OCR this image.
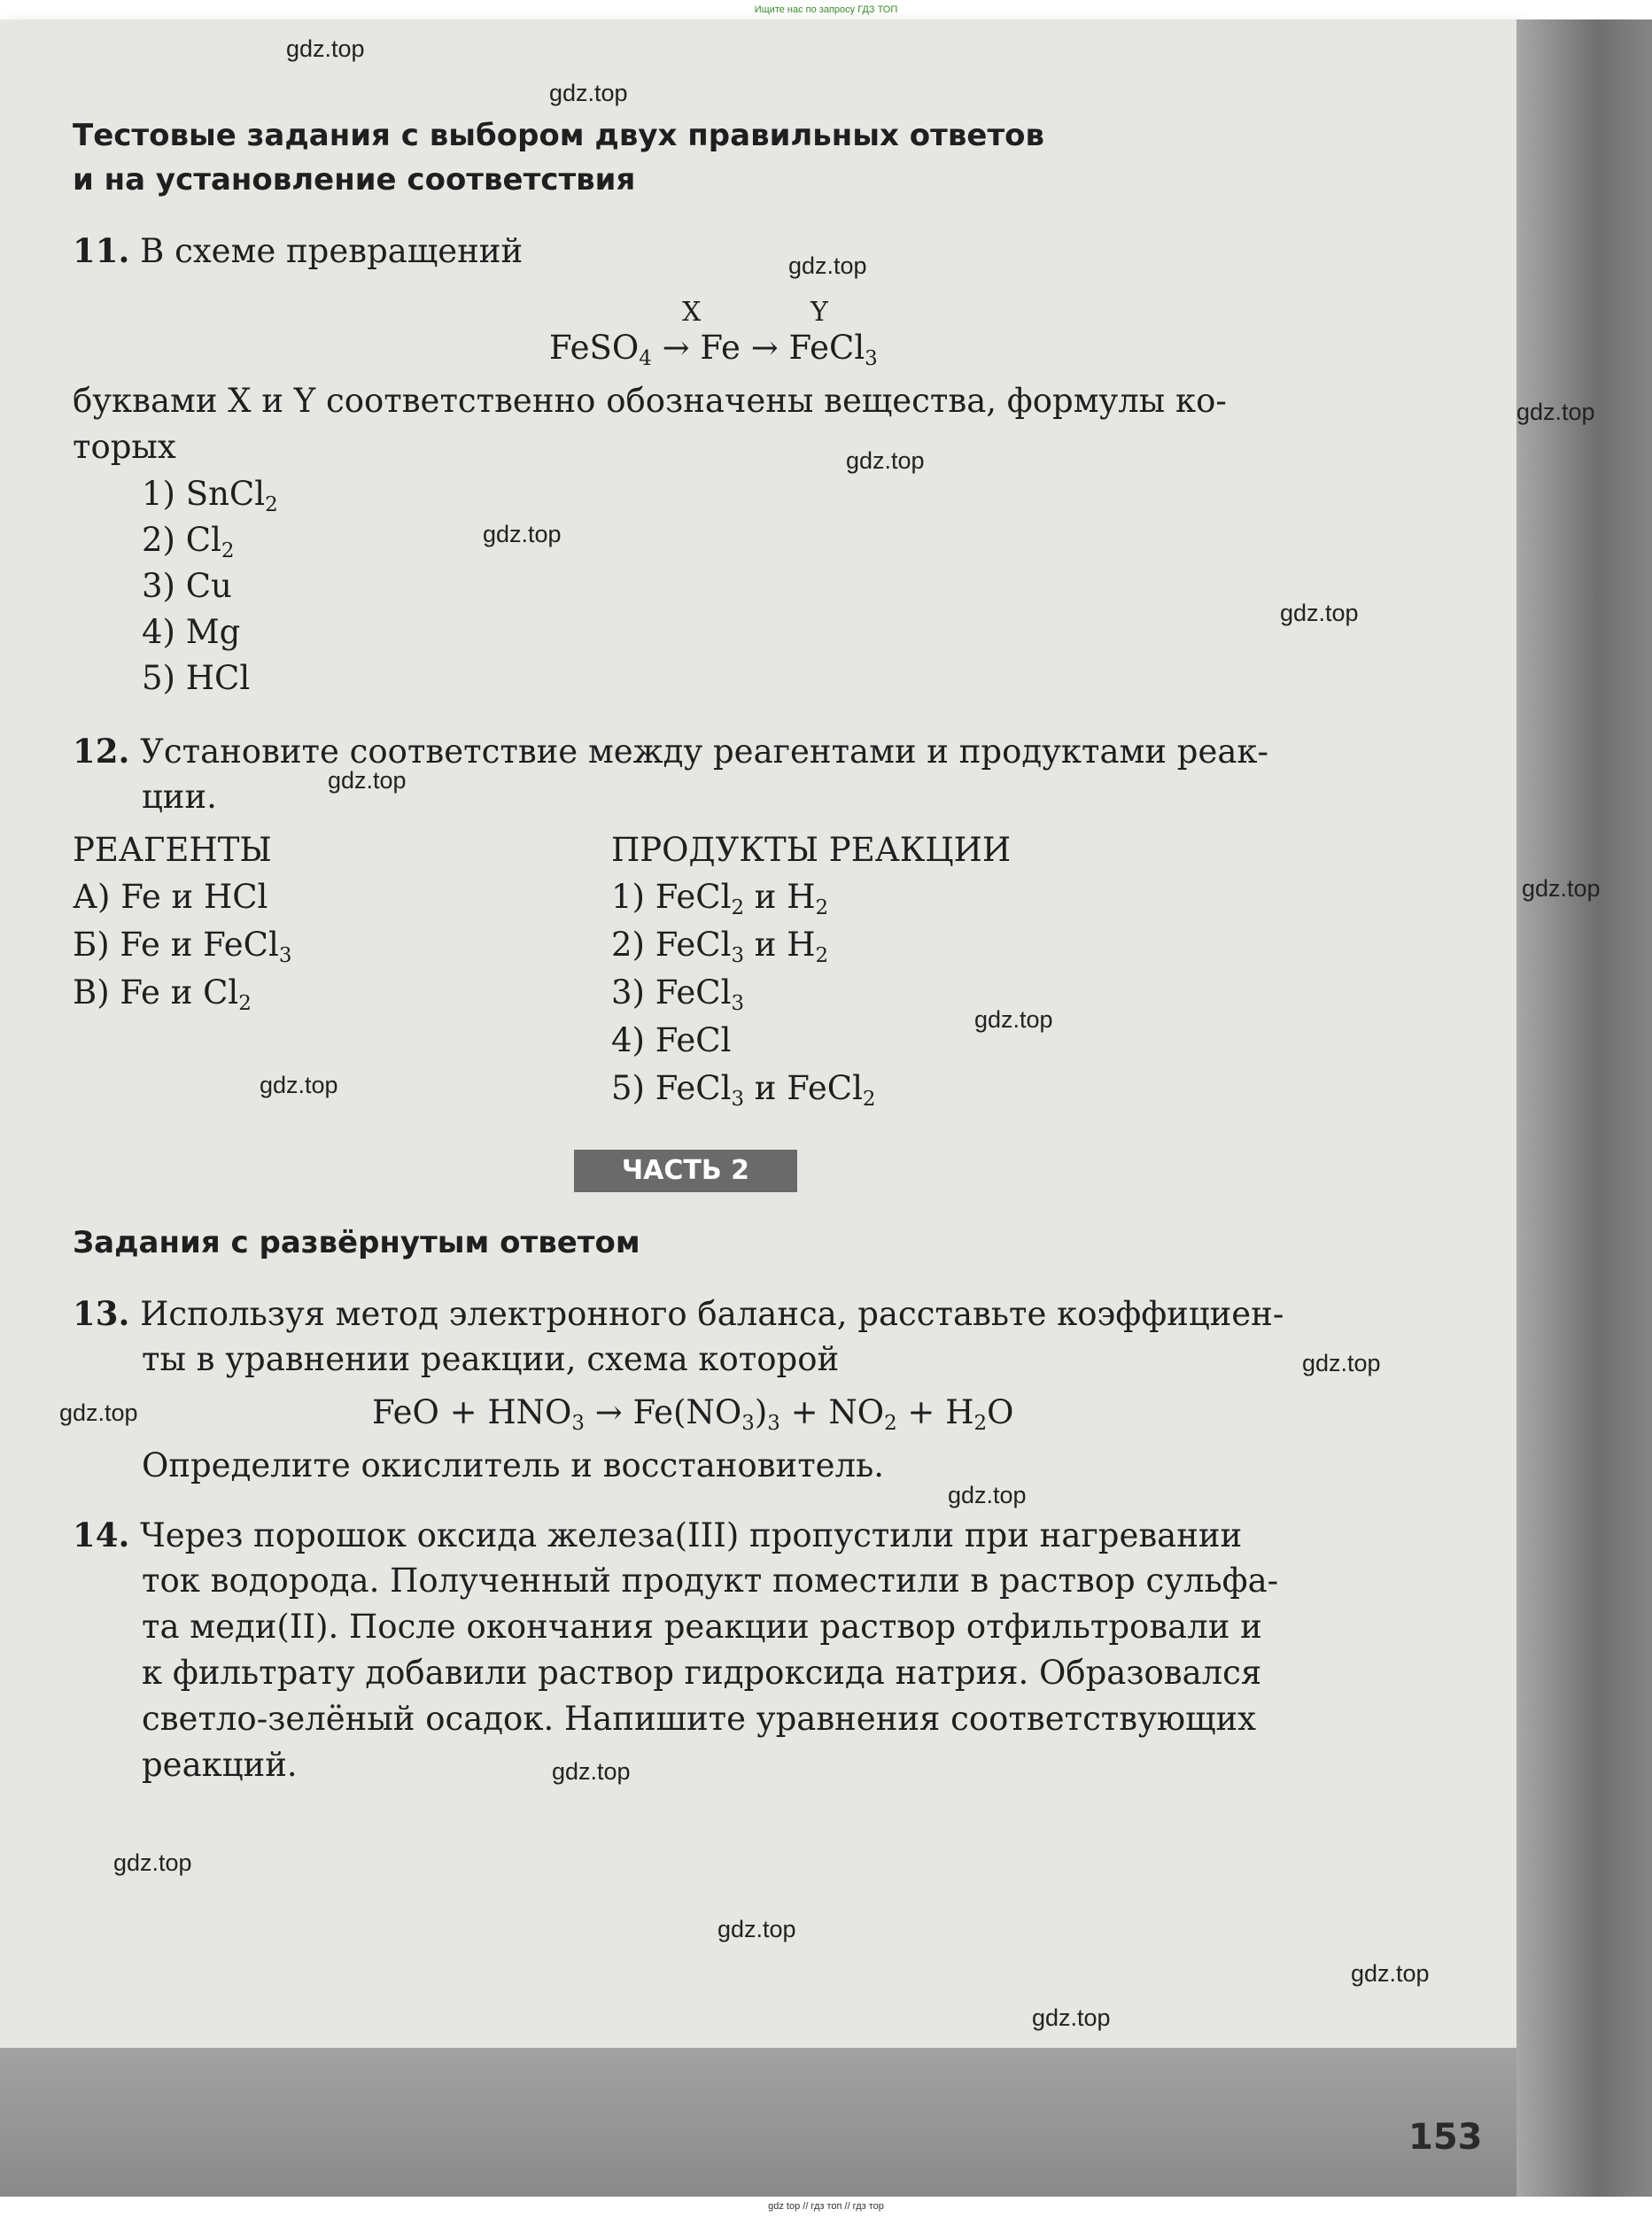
Ищите нас по запросу ГДЗ ТОП

Тестовые задания с выбором двух правильных ответов
и на установление соответствия
11. В схеме превращений
X	Y
FeSO$_4$ → Fe → FeCl$_3$
буквами X и Y соответственно обозначены вещества, формулы ко-
торых
1) SnCl$_2$
2) $Cl_2$
3) Cu
4) Mg
5) HCl
12. Установите соответствие между реагентами и продуктами реак-
ции.
РЕАГЕНТЫ	ПРОДУКТЫ РЕАКЦИИ
А) Fe и HCl
Б) Fe и FeCl$_3$
В) Fe и $Cl_2$
1) FeCl$_2$ и $H_2$
2) FeCl$_3$ и $H_2$
3) FeCl$_3$
4) FeCl
5) FeCl$_3$ и FeCl$_2$
ЧАСТЬ 2
Задания с развёрнутым ответом
13. Используя метод электронного баланса, расставьте коэффициен-
ты в уравнении реакции, схема которой
FeO + $HNO_3 \to Fe(NO_3)_3 + NO_2 + H_2O$
Определите окислитель и восстановитель.
14. Через порошок оксида железа(III) пропустили при нагревании
ток водорода. Полученный продукт поместили в раствор сульфа-
та меди(II). После окончания реакции раствор отфильтровали и
к фильтрату добавили раствор гидроксида натрия. Образовался
светло-зелёный осадок. Напишите уравнения соответствующих
реакций.
153
gdz.top
gdz.top
gdz.top
gdz.top
gdz.top
gdz.top
gdz.top
gdz.top
gdz.top
gdz.top
gdz.top
gdz.top
gdz.top
gdz.top
gdz.top
gdz.top
gdz.top
gdz.top
gdz.top
gdz top // гдз топ // гдз тор
